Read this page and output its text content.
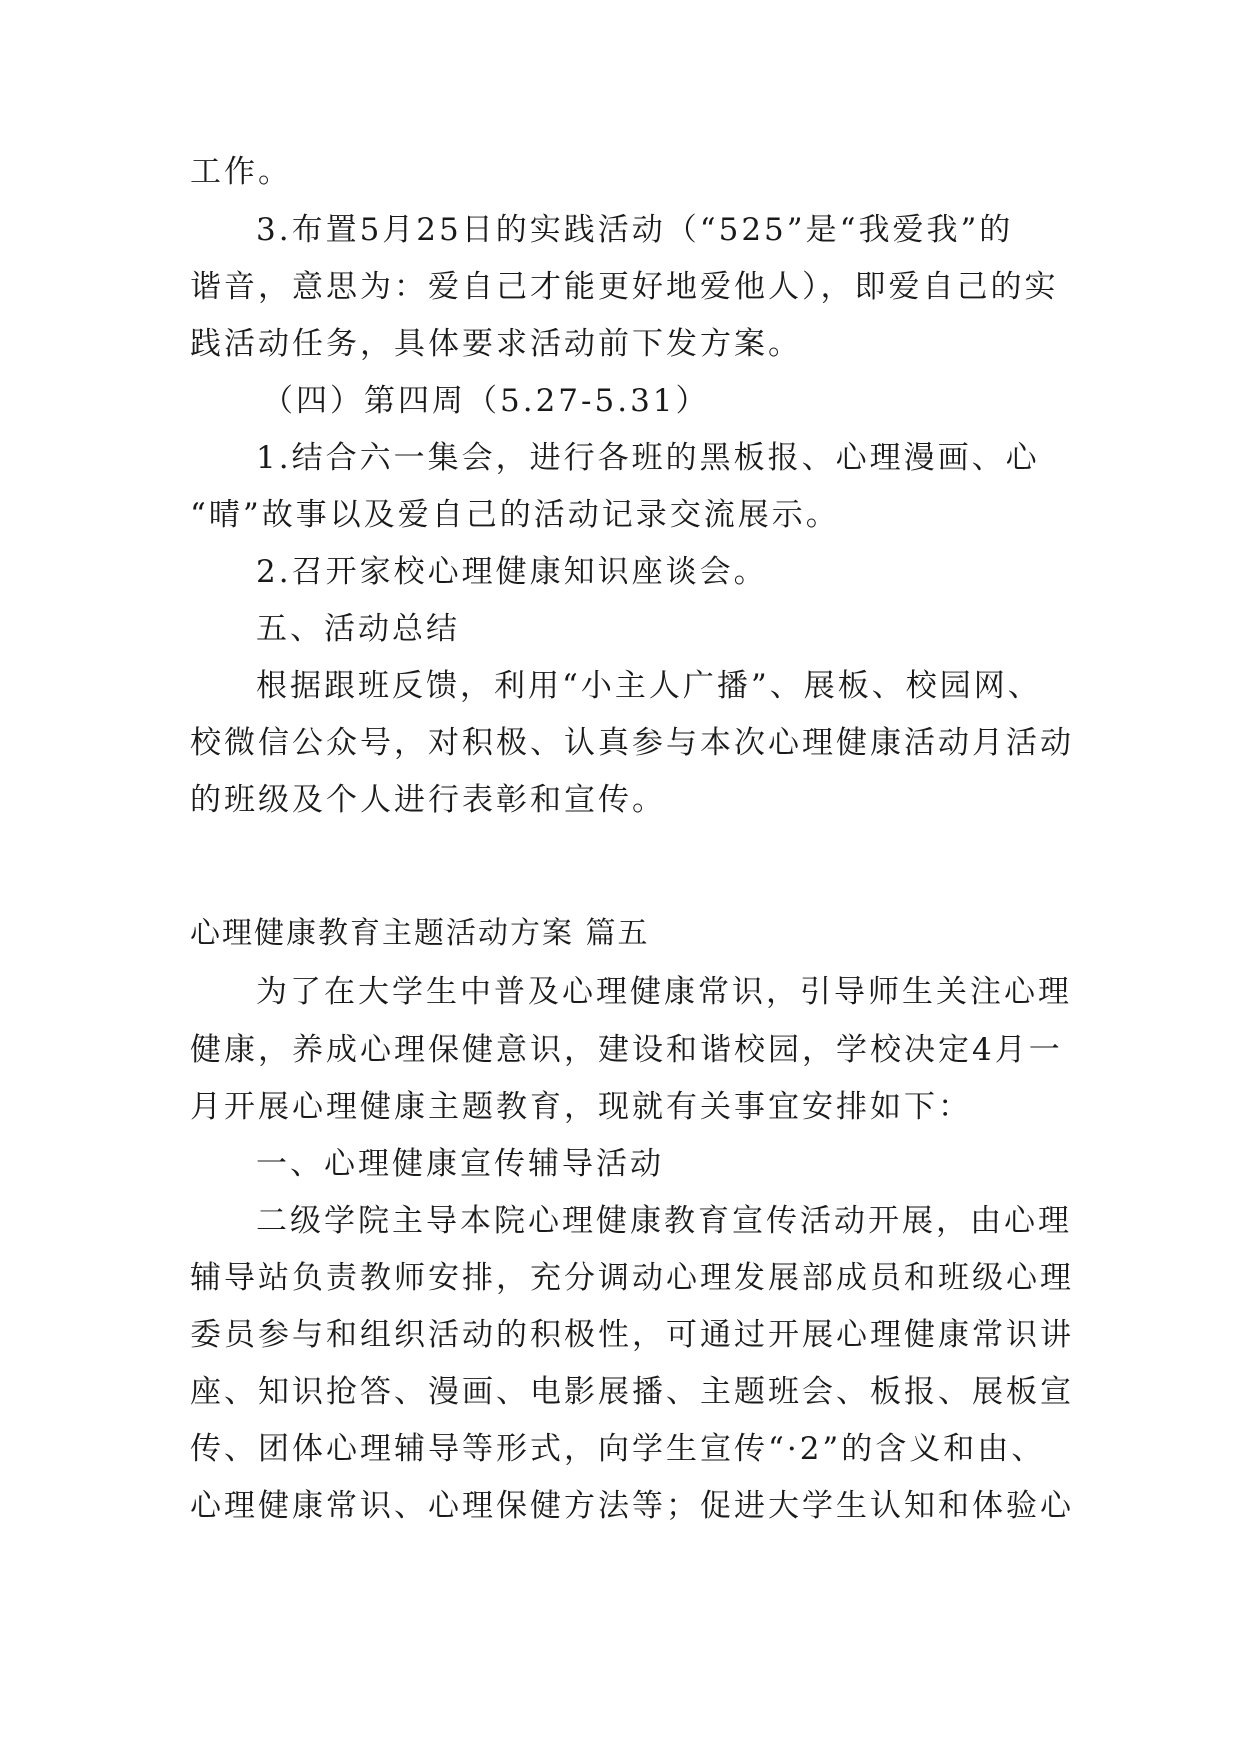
工作。
3.布置5月25日的实践活动（“525”是“我爱我”的
谐音，意思为：爱自己才能更好地爱他人），即爱自己的实
践活动任务，具体要求活动前下发方案。
（四）第四周（5.27-5.31）
1.结合六一集会，进行各班的黑板报、心理漫画、心
“晴”故事以及爱自己的活动记录交流展示。
2.召开家校心理健康知识座谈会。
五、活动总结
根据跟班反馈，利用“小主人广播”、展板、校园网、
校微信公众号，对积极、认真参与本次心理健康活动月活动
的班级及个人进行表彰和宣传。
心理健康教育主题活动方案 篇五
为了在大学生中普及心理健康常识，引导师生关注心理
健康，养成心理保健意识，建设和谐校园，学校决定4月一
月开展心理健康主题教育，现就有关事宜安排如下：
一、心理健康宣传辅导活动
二级学院主导本院心理健康教育宣传活动开展，由心理
辅导站负责教师安排，充分调动心理发展部成员和班级心理
委员参与和组织活动的积极性，可通过开展心理健康常识讲
座、知识抢答、漫画、电影展播、主题班会、板报、展板宣
传、团体心理辅导等形式，向学生宣传“·2”的含义和由、
心理健康常识、心理保健方法等；促进大学生认知和体验心
